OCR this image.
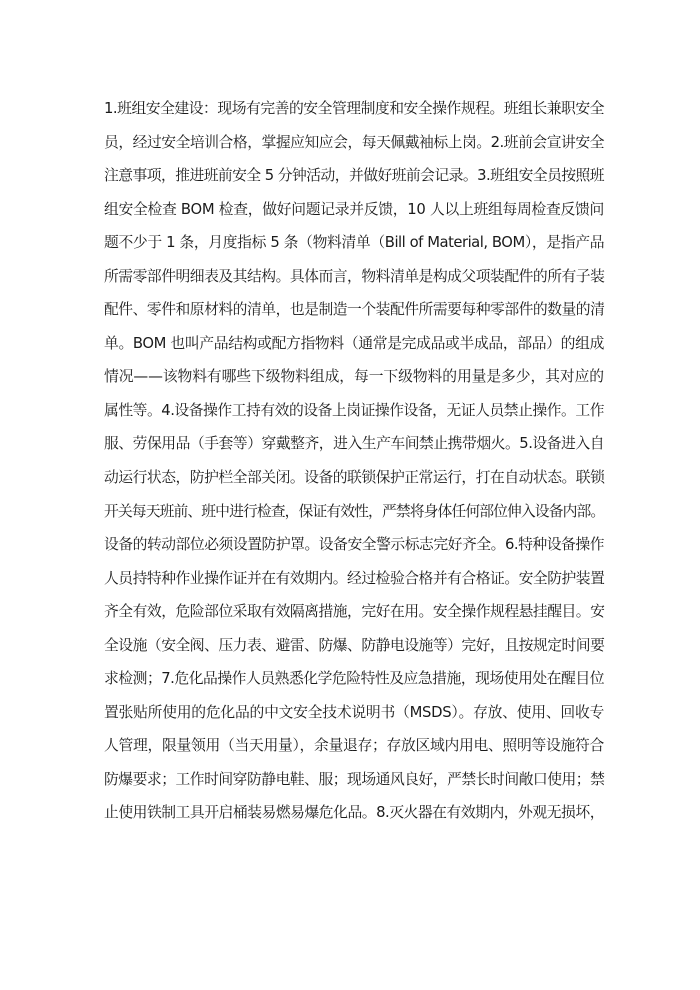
1.班组安全建设：现场有完善的安全管理制度和安全操作规程。班组长兼职安全
员，经过安全培训合格，掌握应知应会，每天佩戴袖标上岗。2.班前会宣讲安全
注意事项，推进班前安全 5 分钟活动，并做好班前会记录。3.班组安全员按照班
组安全检查 BOM 检查，做好问题记录并反馈，10 人以上班组每周检查反馈问
题不少于 1 条，月度指标 5 条（物料清单（Bill of Material, BOM），是指产品
所需零部件明细表及其结构。具体而言，物料清单是构成父项装配件的所有子装
配件、零件和原材料的清单，也是制造一个装配件所需要每种零部件的数量的清
单。BOM 也叫产品结构或配方指物料（通常是完成品或半成品，部品）的组成
情况——该物料有哪些下级物料组成，每一下级物料的用量是多少，其对应的
属性等。4.设备操作工持有效的设备上岗证操作设备，无证人员禁止操作。工作
服、劳保用品（手套等）穿戴整齐，进入生产车间禁止携带烟火。5.设备进入自
动运行状态，防护栏全部关闭。设备的联锁保护正常运行，打在自动状态。联锁
开关每天班前、班中进行检查，保证有效性，严禁将身体任何部位伸入设备内部。
设备的转动部位必须设置防护罩。设备安全警示标志完好齐全。6.特种设备操作
人员持特种作业操作证并在有效期内。经过检验合格并有合格证。安全防护装置
齐全有效，危险部位采取有效隔离措施，完好在用。安全操作规程悬挂醒目。安
全设施（安全阀、压力表、避雷、防爆、防静电设施等）完好，且按规定时间要
求检测；7.危化品操作人员熟悉化学危险特性及应急措施，现场使用处在醒目位
置张贴所使用的危化品的中文安全技术说明书（MSDS）。存放、使用、回收专
人管理，限量领用（当天用量），余量退存；存放区域内用电、照明等设施符合
防爆要求；工作时间穿防静电鞋、服；现场通风良好，严禁长时间敞口使用；禁
止使用铁制工具开启桶装易燃易爆危化品。8.灭火器在有效期内，外观无损坏，
